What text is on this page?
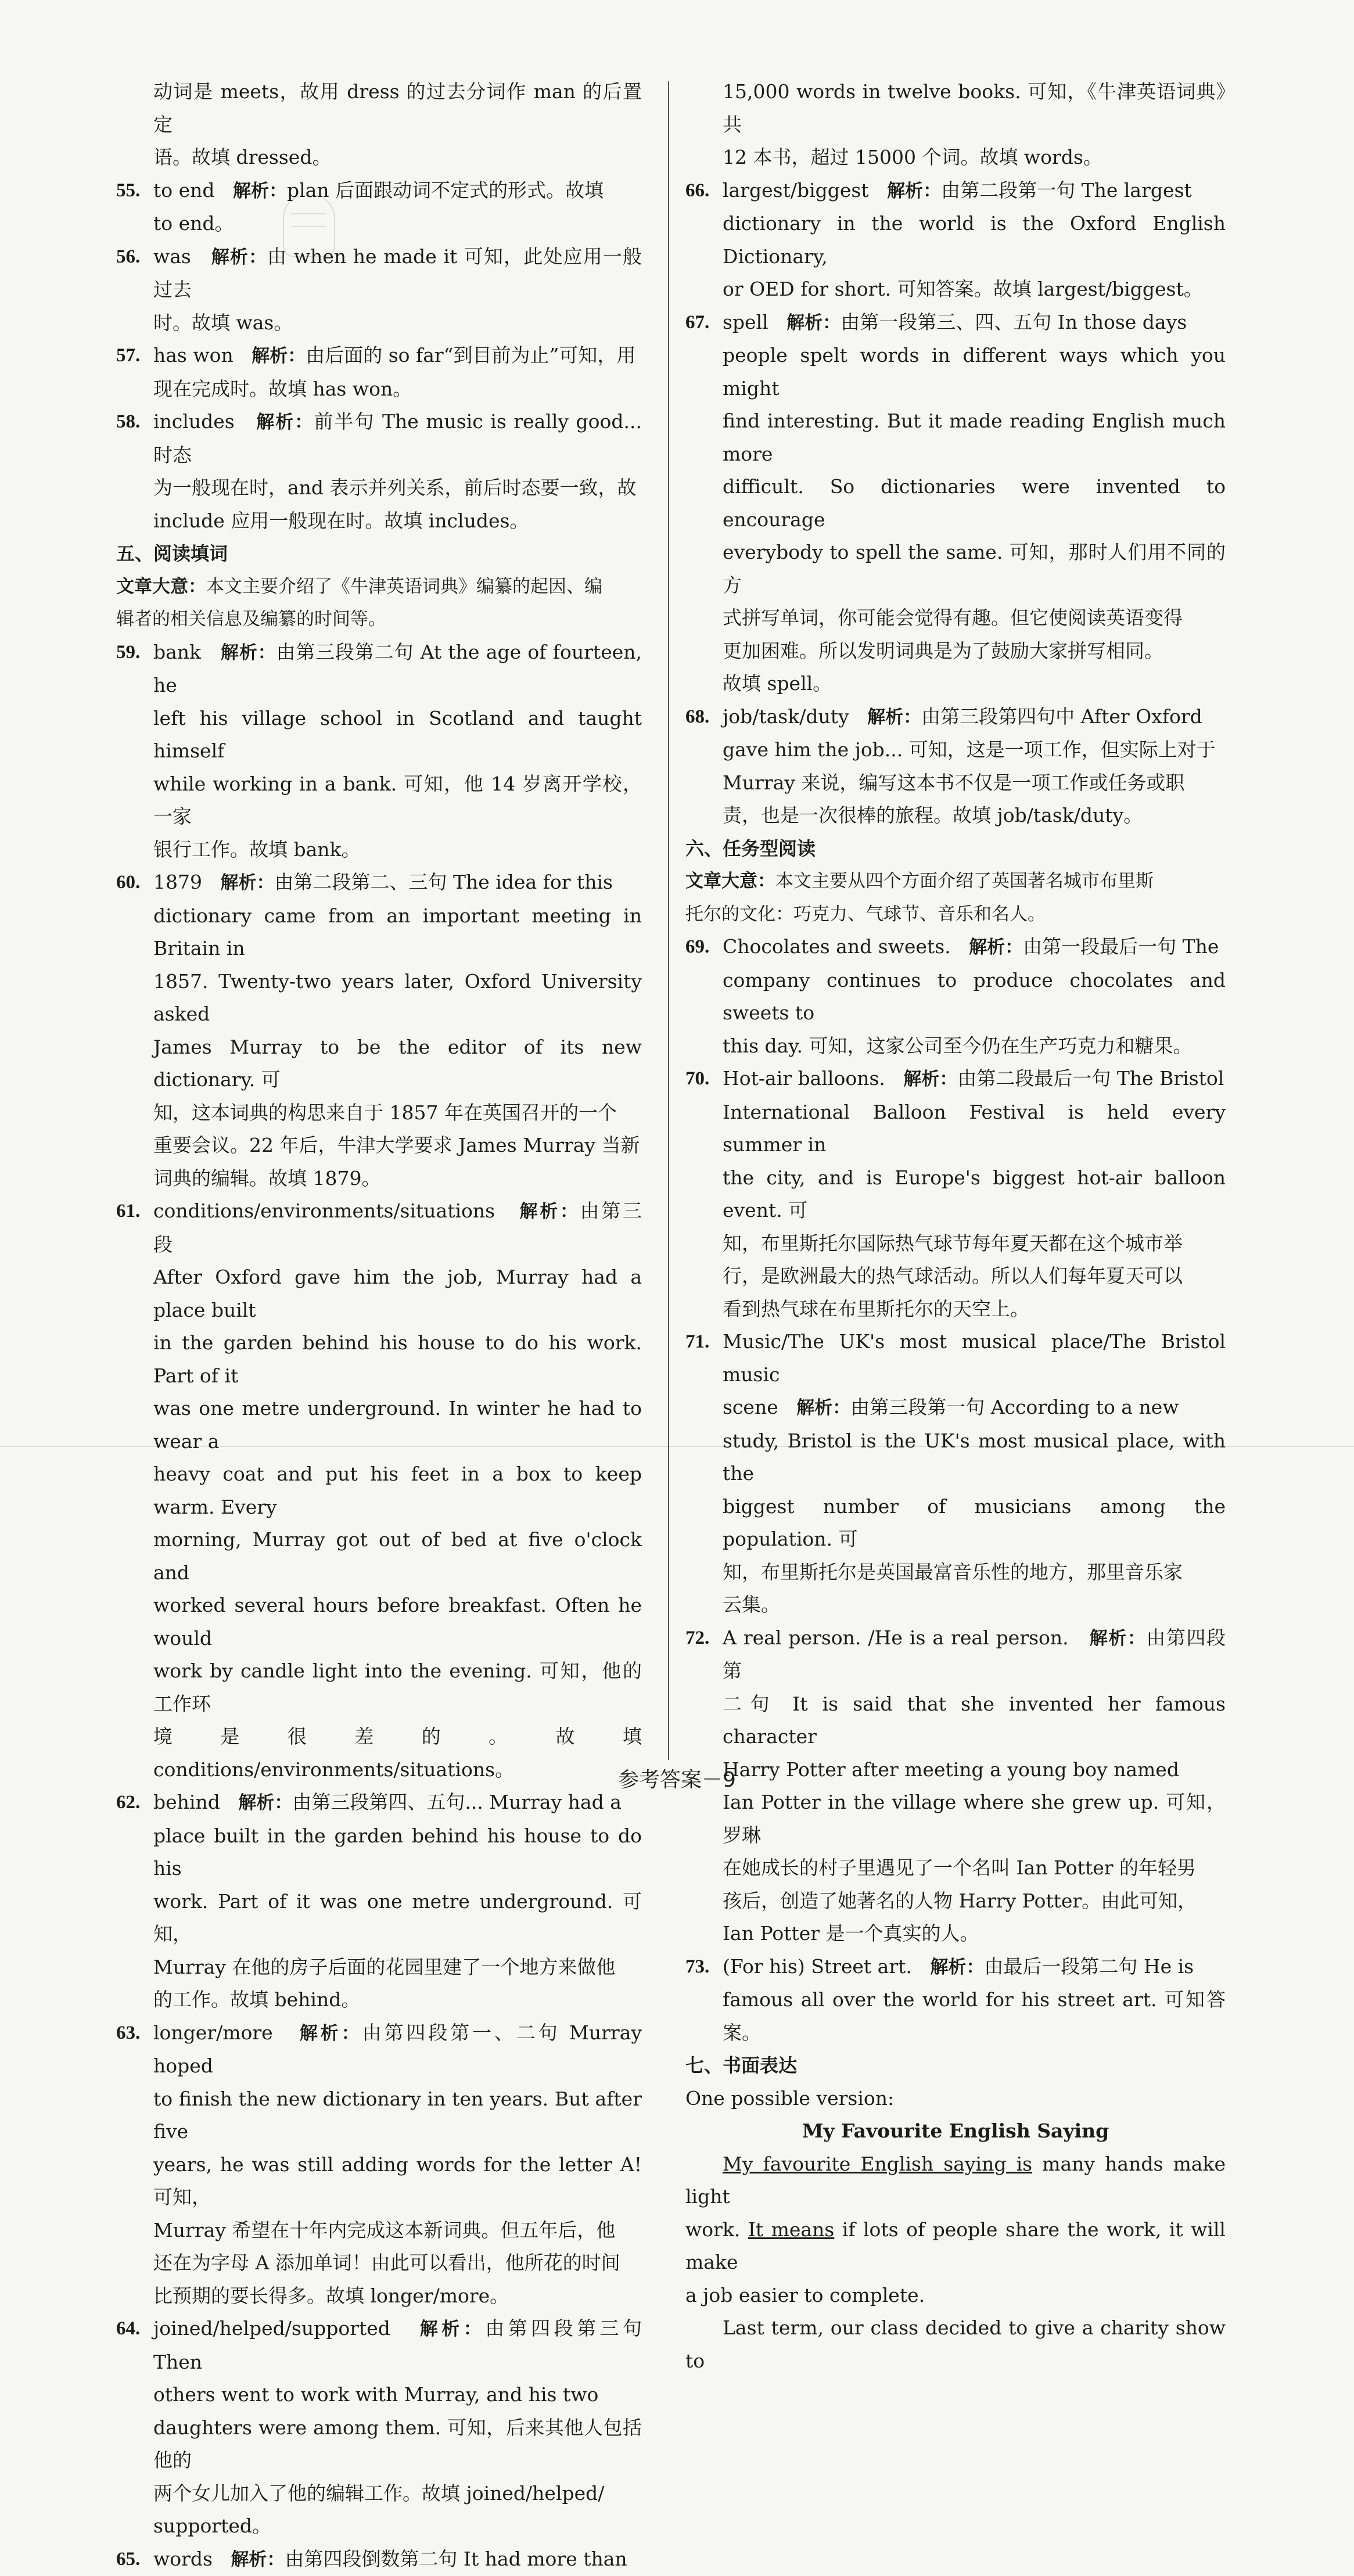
动词是 meets，故用 dress 的过去分词作 man 的后置定

语。故填 dressed。

55. to end 解析：plan 后面跟动词不定式的形式。故填

to end。

56. was 解析：由 when he made it 可知，此处应用一般过去

时。故填 was。

57. has won 解析：由后面的 so far“到目前为止”可知，用

现在完成时。故填 has won。

58. includes 解析：前半句 The music is really good... 时态

为一般现在时，and 表示并列关系，前后时态要一致，故

include 应用一般现在时。故填 includes。

五、阅读填词

文章大意：本文主要介绍了《牛津英语词典》编纂的起因、编

辑者的相关信息及编纂的时间等。

59. bank 解析：由第三段第二句 At the age of fourteen, he

left his village school in Scotland and taught himself

while working in a bank. 可知，他 14 岁离开学校，一家

银行工作。故填 bank。

60. 1879 解析：由第二段第二、三句 The idea for this

dictionary came from an important meeting in Britain in

1857. Twenty-two years later, Oxford University asked

James Murray to be the editor of its new dictionary. 可

知，这本词典的构思来自于 1857 年在英国召开的一个

重要会议。22 年后，牛津大学要求 James Murray 当新

词典的编辑。故填 1879。

61. conditions/environments/situations 解析：由第三段

After Oxford gave him the job, Murray had a place built

in the garden behind his house to do his work. Part of it

was one metre underground. In winter he had to wear a

heavy coat and put his feet in a box to keep warm. Every

morning, Murray got out of bed at five o'clock and

worked several hours before breakfast. Often he would

work by candle light into the evening. 可知，他的工作环

境是很差的。故填 conditions/environments/situations。

62. behind 解析：由第三段第四、五句... Murray had a

place built in the garden behind his house to do his

work. Part of it was one metre underground. 可知，

Murray 在他的房子后面的花园里建了一个地方来做他

的工作。故填 behind。

63. longer/more 解析：由第四段第一、二句 Murray hoped

to finish the new dictionary in ten years. But after five

years, he was still adding words for the letter A! 可知，

Murray 希望在十年内完成这本新词典。但五年后，他

还在为字母 A 添加单词！由此可以看出，他所花的时间

比预期的要长得多。故填 longer/more。

64. joined/helped/supported 解析：由第四段第三句 Then

others went to work with Murray, and his two

daughters were among them. 可知，后来其他人包括他的

两个女儿加入了他的编辑工作。故填 joined/helped/

supported。

65. words 解析：由第四段倒数第二句 It had more than

15,000 words in twelve books. 可知，《牛津英语词典》共

12 本书，超过 15000 个词。故填 words。

66. largest/biggest 解析：由第二段第一句 The largest

dictionary in the world is the Oxford English Dictionary,

or OED for short. 可知答案。故填 largest/biggest。

67. spell 解析：由第一段第三、四、五句 In those days

people spelt words in different ways which you might

find interesting. But it made reading English much more

difficult. So dictionaries were invented to encourage

everybody to spell the same. 可知，那时人们用不同的方

式拼写单词，你可能会觉得有趣。但它使阅读英语变得

更加困难。所以发明词典是为了鼓励大家拼写相同。

故填 spell。

68. job/task/duty 解析：由第三段第四句中 After Oxford

gave him the job... 可知，这是一项工作，但实际上对于

Murray 来说，编写这本书不仅是一项工作或任务或职

责，也是一次很棒的旅程。故填 job/task/duty。

六、任务型阅读

文章大意：本文主要从四个方面介绍了英国著名城市布里斯

托尔的文化：巧克力、气球节、音乐和名人。

69. Chocolates and sweets. 解析：由第一段最后一句 The

company continues to produce chocolates and sweets to

this day. 可知，这家公司至今仍在生产巧克力和糖果。

70. Hot-air balloons. 解析：由第二段最后一句 The Bristol

International Balloon Festival is held every summer in

the city, and is Europe's biggest hot-air balloon event. 可

知，布里斯托尔国际热气球节每年夏天都在这个城市举

行，是欧洲最大的热气球活动。所以人们每年夏天可以

看到热气球在布里斯托尔的天空上。

71. Music/The UK's most musical place/The Bristol music

scene 解析：由第三段第一句 According to a new

study, Bristol is the UK's most musical place, with the

biggest number of musicians among the population. 可

知，布里斯托尔是英国最富音乐性的地方，那里音乐家

云集。

72. A real person. /He is a real person. 解析：由第四段第

二句 It is said that she invented her famous character

Harry Potter after meeting a young boy named

Ian Potter in the village where she grew up. 可知，罗琳

在她成长的村子里遇见了一个名叫 Ian Potter 的年轻男

孩后，创造了她著名的人物 Harry Potter。由此可知，

Ian Potter 是一个真实的人。

73. (For his) Street art. 解析：由最后一段第二句 He is

famous all over the world for his street art. 可知答案。

七、书面表达

One possible version:

My Favourite English Saying

My favourite English saying is many hands make light

work. It means if lots of people share the work, it will make

a job easier to complete.

Last term, our class decided to give a charity show to

参考答案－9
